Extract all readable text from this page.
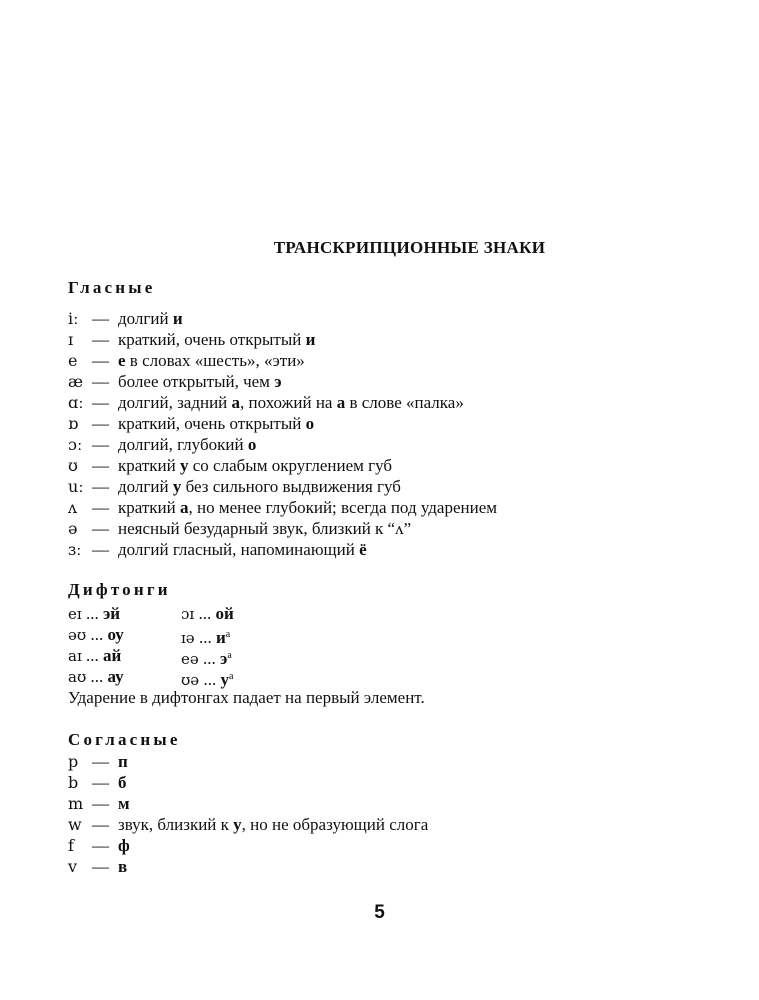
ТРАНСКРИПЦИОННЫЕ ЗНАКИ
Гласные
iː — долгий и
ɪ	— краткий, очень открытый и
e — е в словах «шесть», «эти»
æ — более открытый, чем э
ɑː — долгий, задний а, похожий на а в слове «палка»
ɒ — краткий, очень открытый о
ɔː — долгий, глубокий о
ʊ — краткий у со слабым округлением губ
uː — долгий у без сильного выдвижения губ
ʌ — краткий а, но менее глубокий; всегда под ударением
ə — неясный безударный звук, близкий к “ʌ”
ɜː — долгий гласный, напоминающий ё
Дифтонги
eɪ ... эй	ɔɪ ... ой
əʊ ... оу	ɪə ... $и^а$
aɪ ... ай	eə ... $э^а$
aʊ ... ау	ʊə ... $у^а$
Ударение в дифтонгах падает на первый элемент.
Согласные
p — п
b — б
m — м
w — звук, близкий к у, но не образующий слога
f	— ф
v — в
5
